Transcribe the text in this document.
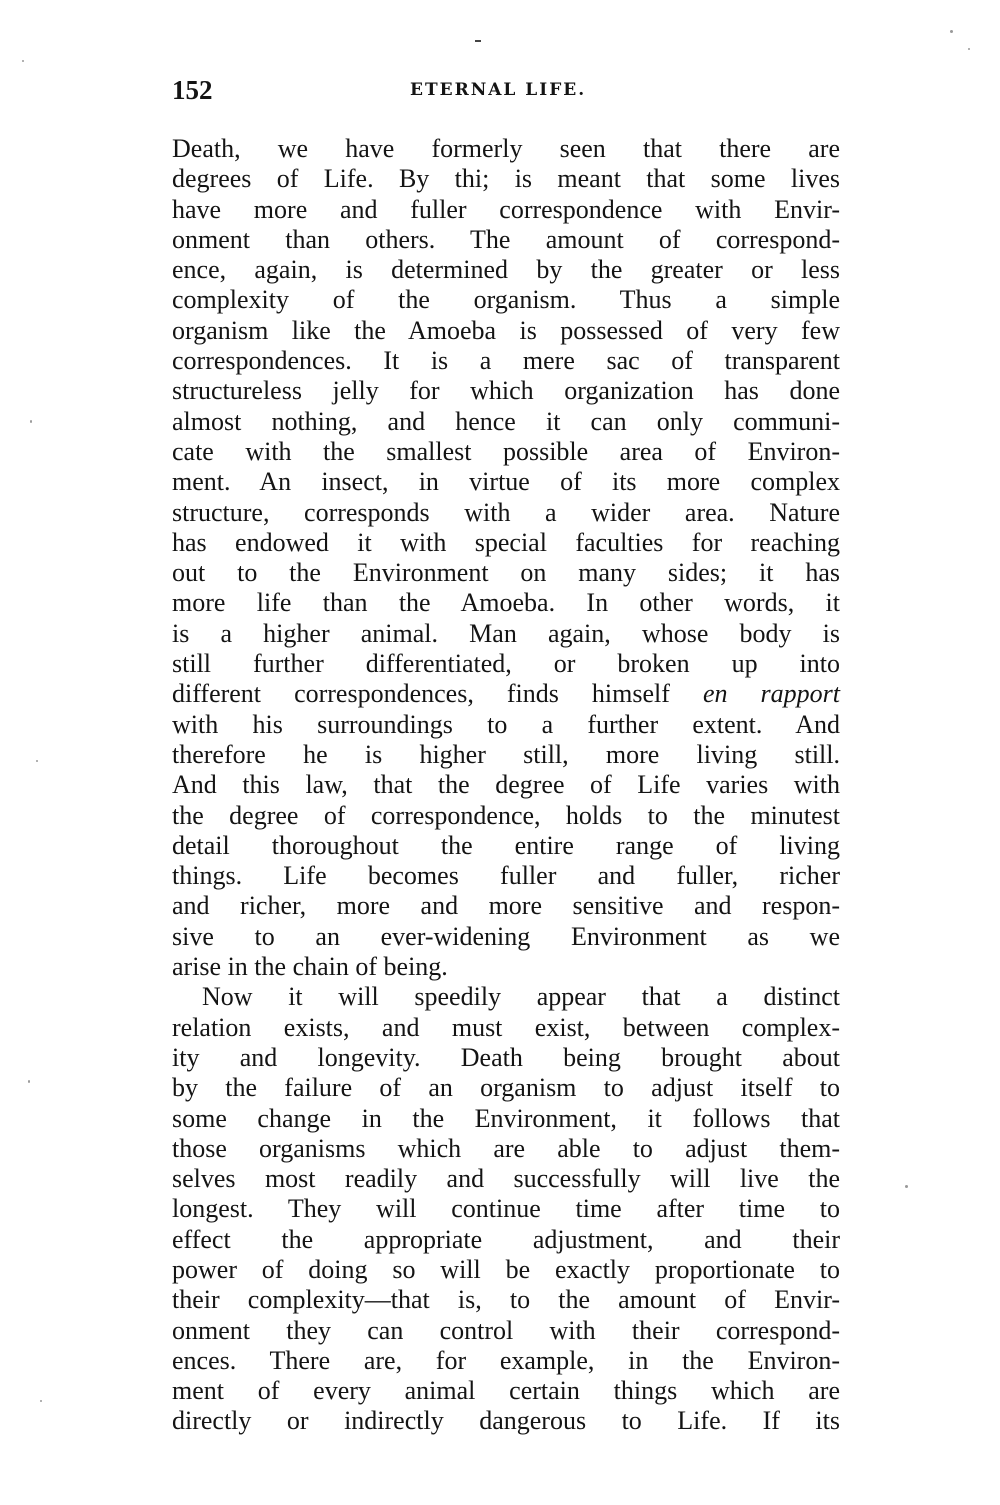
152	ETERNAL LIFE.
Death, we have formerly seen that there are
degrees of Life. By thi; is meant that some lives
have more and fuller correspondence with Envir-
onment than others. The amount of correspond-
ence, again, is determined by the greater or less
complexity of the organism. Thus a simple
organism like the Amoeba is possessed of very few
correspondences. It is a mere sac of transparent
structureless jelly for which organization has done
almost nothing, and hence it can only communi-
cate with the smallest possible area of Environ-
ment. An insect, in virtue of its more complex
structure, corresponds with a wider area. Nature
has endowed it with special faculties for reaching
out to the Environment on many sides; it has
more life than the Amoeba. In other words, it
is a higher animal. Man again, whose body is
still further differentiated, or broken up into
different correspondences, finds himself en rapport
with his surroundings to a further extent. And
therefore he is higher still, more living still.
And this law, that the degree of Life varies with
the degree of correspondence, holds to the minutest
detail thoroughout the entire range of living
things. Life becomes fuller and fuller, richer
and richer, more and more sensitive and respon-
sive to an ever-widening Environment as we
arise in the chain of being.
Now it will speedily appear that a distinct
relation exists, and must exist, between complex-
ity and longevity. Death being brought about
by the failure of an organism to adjust itself to
some change in the Environment, it follows that
those organisms which are able to adjust them-
selves most readily and successfully will live the
longest. They will continue time after time to
effect the appropriate adjustment, and their
power of doing so will be exactly proportionate to
their complexity—that is, to the amount of Envir-
onment they can control with their correspond-
ences. There are, for example, in the Environ-
ment of every animal certain things which are
directly or indirectly dangerous to Life. If its
